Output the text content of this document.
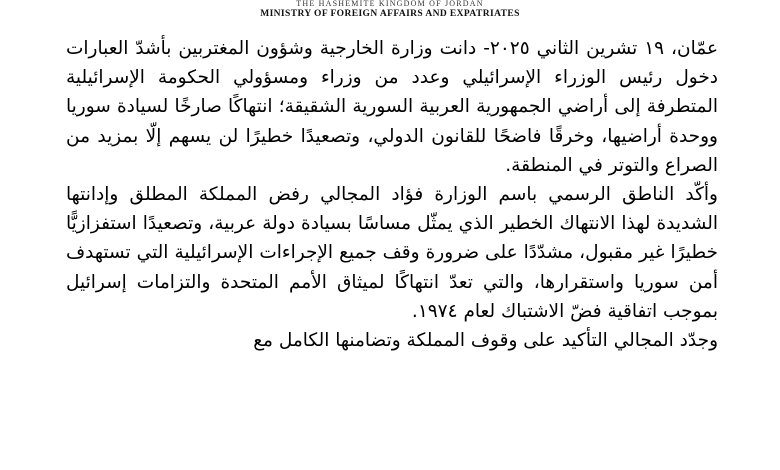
THE HASHEMITE KINGDOM OF JORDAN
MINISTRY OF FOREIGN AFFAIRS AND EXPATRIATES

عمّان، ١٩ تشرين الثاني ٢٠٢٥- دانت وزارة الخارجية وشؤون المغتربين بأشدّ العبارات دخول رئيس الوزراء الإسرائيلي وعدد من وزراء ومسؤولي الحكومة الإسرائيلية المتطرفة إلى أراضي الجمهورية العربية السورية الشقيقة؛ انتهاكًا صارخًا لسيادة سوريا ووحدة أراضيها، وخرقًا فاضحًا للقانون الدولي، وتصعيدًا خطيرًا لن يسهم إلّا بمزيد من الصراع والتوتر في المنطقة.

وأكّد الناطق الرسمي باسم الوزارة فؤاد المجالي رفض المملكة المطلق وإدانتها الشديدة لهذا الانتهاك الخطير الذي يمثّل مساسًا بسيادة دولة عربية، وتصعيدًا استفزازيًّا خطيرًا غير مقبول، مشدّدًا على ضرورة وقف جميع الإجراءات الإسرائيلية التي تستهدف أمن سوريا واستقرارها، والتي تعدّ انتهاكًا لميثاق الأمم المتحدة والتزامات إسرائيل بموجب اتفاقية فضّ الاشتباك لعام ١٩٧٤.

وجدّد المجالي التأكيد على وقوف المملكة وتضامنها الكامل مع
